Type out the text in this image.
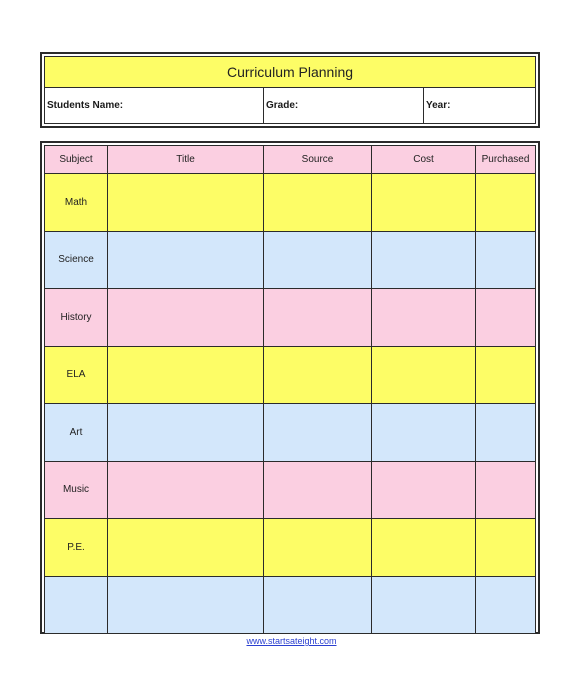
Curriculum Planning
Students Name:	Grade:	Year:
Subject	Title	Source	Cost	Purchased
Math				
Science				
History				
ELA				
Art				
Music				
P.E.				

www.startsateight.com
